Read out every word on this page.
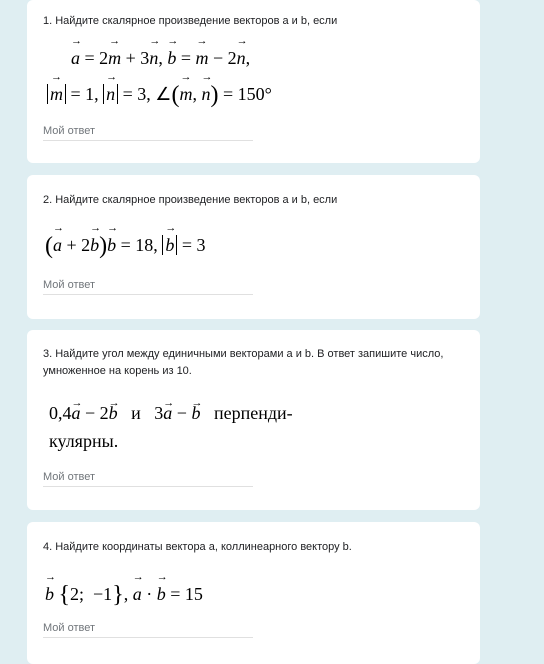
1. Найдите скалярное произведение векторов a и b, если
→ a = 2→ m + 3→ n, → b = → m − 2→ n,
→ m = 1, → n = 3, ∠(→ m, → n) = 150°
Мой ответ
2. Найдите скалярное произведение векторов a и b, если
(→ a + 2→ b)→ b = 18, → b = 3
Мой ответ
3. Найдите угол между единичными векторами a и b. В ответ запишите число, умноженное на корень из 10.
0,4→ a − 2→ b и   3→ a − → b перпенди-
кулярны.
Мой ответ
4. Найдите координаты вектора a, коллинеарного вектору b.
→ b {2;  −1}, → a · → b = 15
Мой ответ
